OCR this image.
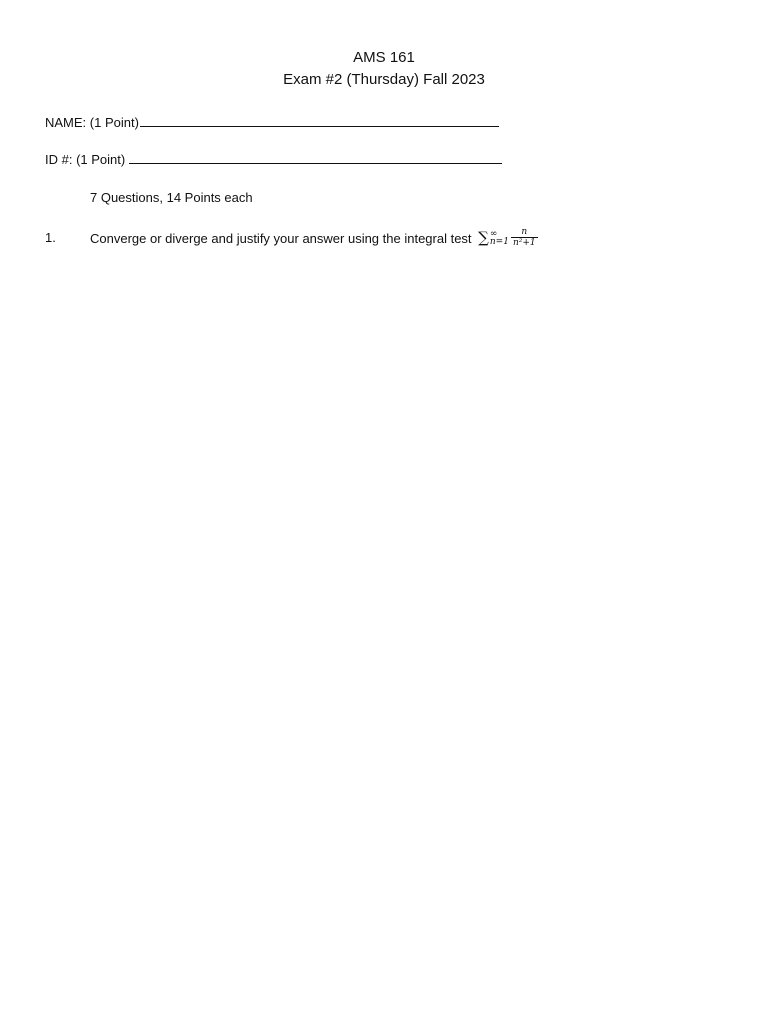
AMS 161
Exam #2 (Thursday) Fall 2023
NAME: (1 Point)
ID #: (1 Point)
7 Questions, 14 Points each
1.	Converge or diverge and justify your answer using the integral test ∑ ∞
$n=1 \frac{n}{\text{n²+1}}$
